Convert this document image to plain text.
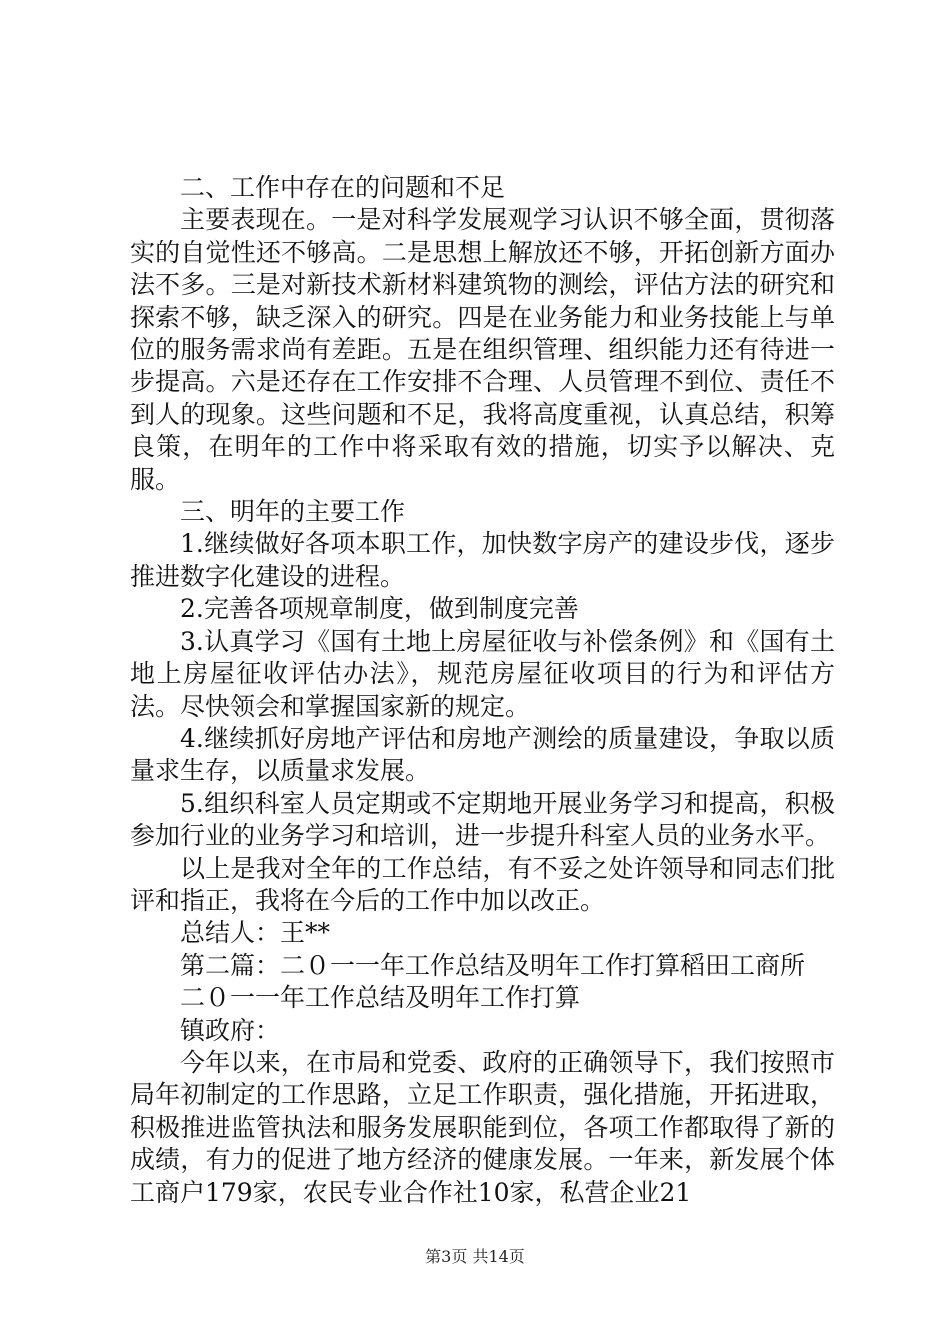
二、工作中存在的问题和不足

主要表现在。一是对科学发展观学习认识不够全面，贯彻落实的自觉性还不够高。二是思想上解放还不够，开拓创新方面办法不多。三是对新技术新材料建筑物的测绘，评估方法的研究和探索不够，缺乏深入的研究。四是在业务能力和业务技能上与单位的服务需求尚有差距。五是在组织管理、组织能力还有待进一步提高。六是还存在工作安排不合理、人员管理不到位、责任不到人的现象。这些问题和不足，我将高度重视，认真总结，积筹良策，在明年的工作中将采取有效的措施，切实予以解决、克服。

三、明年的主要工作

1.继续做好各项本职工作，加快数字房产的建设步伐，逐步推进数字化建设的进程。

2.完善各项规章制度，做到制度完善

3.认真学习《国有土地上房屋征收与补偿条例》和《国有土地上房屋征收评估办法》，规范房屋征收项目的行为和评估方法。尽快领会和掌握国家新的规定。

4.继续抓好房地产评估和房地产测绘的质量建设，争取以质量求生存，以质量求发展。

5.组织科室人员定期或不定期地开展业务学习和提高，积极参加行业的业务学习和培训，进一步提升科室人员的业务水平。

以上是我对全年的工作总结，有不妥之处许领导和同志们批评和指正，我将在今后的工作中加以改正。

总结人：王**

第二篇：二０一一年工作总结及明年工作打算稻田工商所

二０一一年工作总结及明年工作打算

镇政府：

今年以来，在市局和党委、政府的正确领导下，我们按照市局年初制定的工作思路，立足工作职责，强化措施，开拓进取，积极推进监管执法和服务发展职能到位，各项工作都取得了新的成绩，有力的促进了地方经济的健康发展。一年来，新发展个体工商户179家，农民专业合作社10家，私营企业21

第3页 共14页
